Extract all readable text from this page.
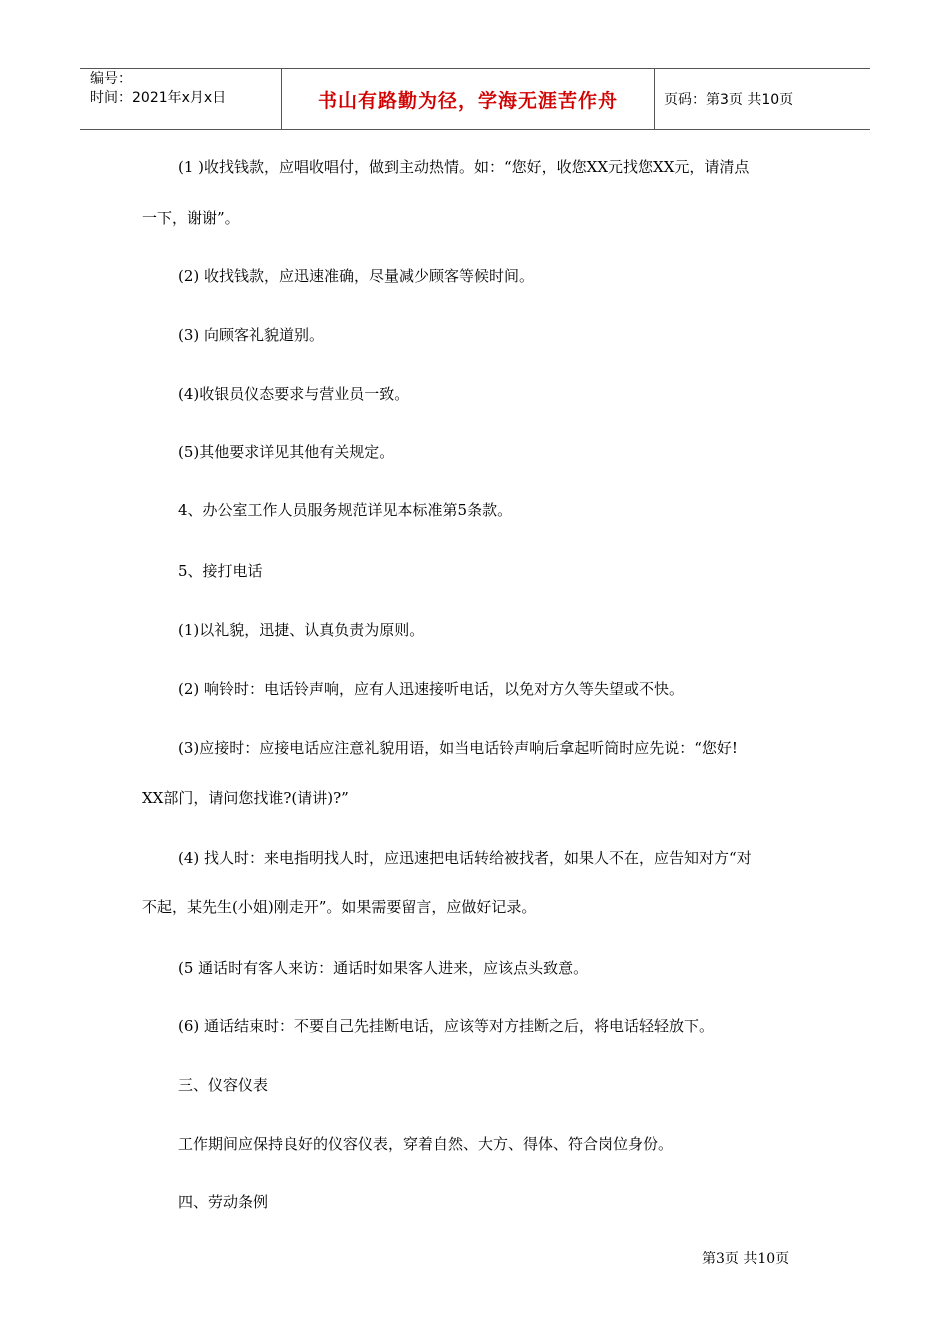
编号：
时间：2021年x月x日	书山有路勤为径，学海无涯苦作舟	页码：第3页 共10页
(1 )收找钱款，应唱收唱付，做到主动热情。如：“您好，收您XX元找您XX元，请清点
一下，谢谢”。
(2) 收找钱款，应迅速准确，尽量减少顾客等候时间。
(3) 向顾客礼貌道别。
(4)收银员仪态要求与营业员一致。
(5)其他要求详见其他有关规定。
4、办公室工作人员服务规范详见本标准第5条款。
5、接打电话
(1)以礼貌，迅捷、认真负责为原则。
(2) 响铃时：电话铃声响，应有人迅速接听电话，以免对方久等失望或不快。
(3)应接时：应接电话应注意礼貌用语，如当电话铃声响后拿起听筒时应先说：“您好!
XX部门，请问您找谁?(请讲)?”
(4) 找人时：来电指明找人时，应迅速把电话转给被找者，如果人不在，应告知对方“对
不起，某先生(小姐)刚走开”。如果需要留言，应做好记录。
(5 通话时有客人来访：通话时如果客人进来，应该点头致意。
(6) 通话结束时：不要自己先挂断电话，应该等对方挂断之后，将电话轻轻放下。
三、仪容仪表
工作期间应保持良好的仪容仪表，穿着自然、大方、得体、符合岗位身份。
四、劳动条例
第3页 共10页
